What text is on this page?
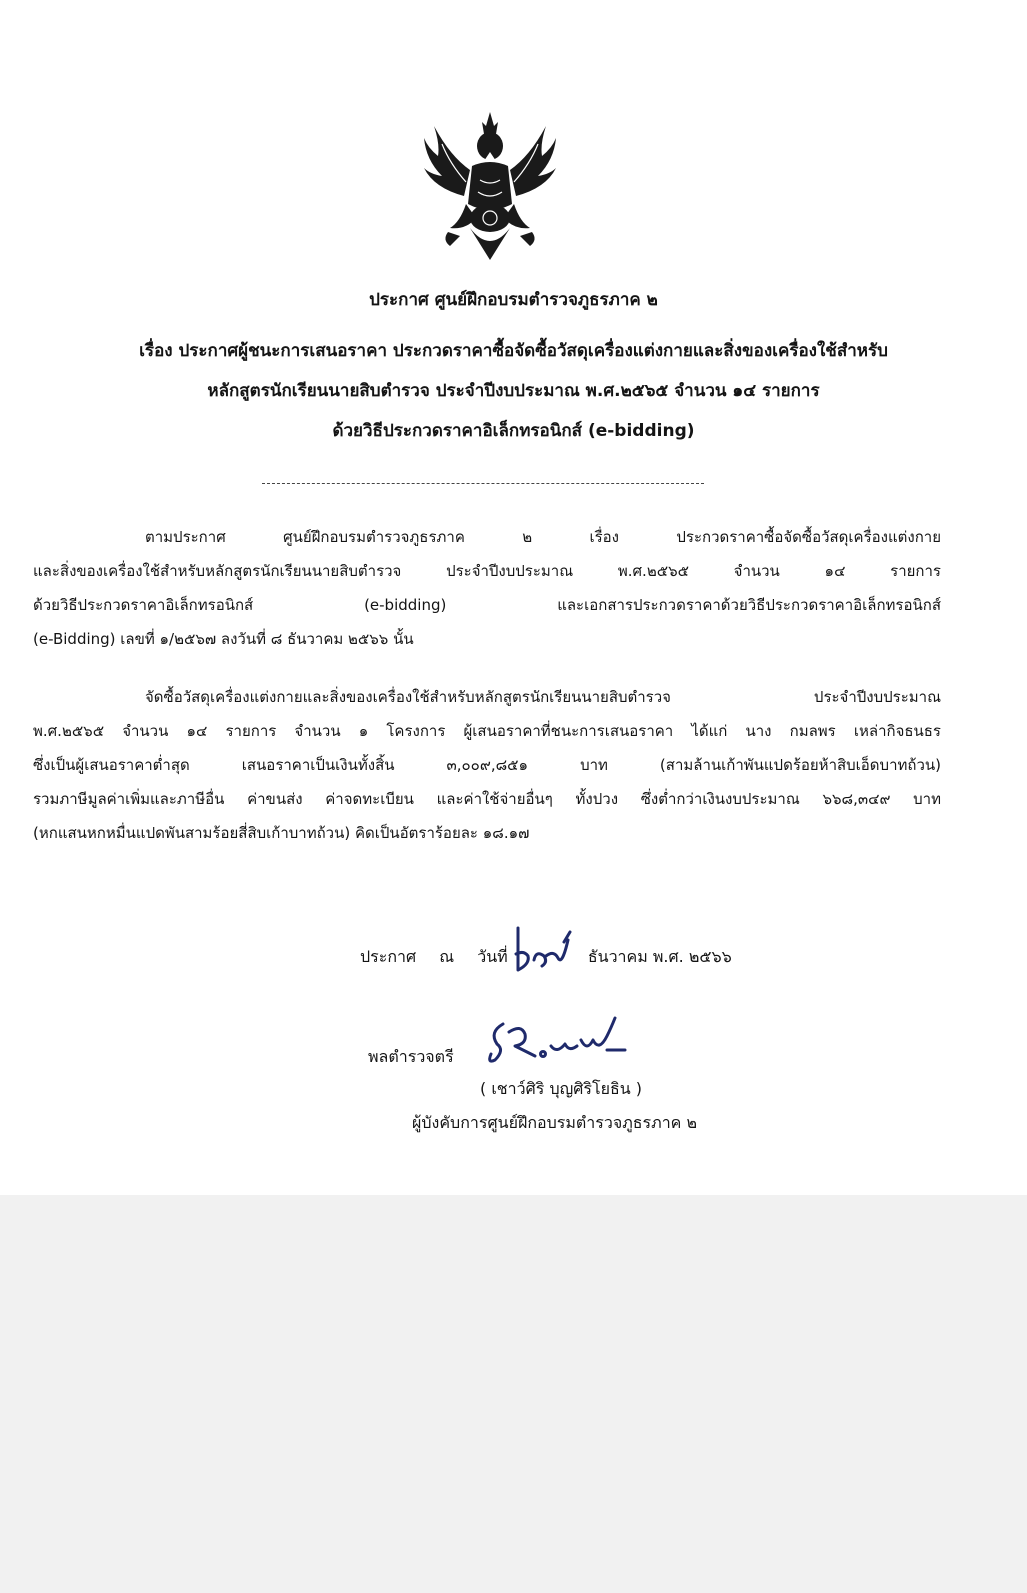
ประกาศ ศูนย์ฝึกอบรมตำรวจภูธรภาค ๒
เรื่อง ประกาศผู้ชนะการเสนอราคา ประกวดราคาซื้อจัดซื้อวัสดุเครื่องแต่งกายและสิ่งของเครื่องใช้สำหรับ
หลักสูตรนักเรียนนายสิบตำรวจ ประจำปีงบประมาณ พ.ศ.๒๕๖๕ จำนวน ๑๔ รายการ
ด้วยวิธีประกวดราคาอิเล็กทรอนิกส์ (e-bidding)
ตามประกาศ ศูนย์ฝึกอบรมตำรวจภูธรภาค ๒ เรื่อง ประกวดราคาซื้อจัดซื้อวัสดุเครื่องแต่งกาย
และสิ่งของเครื่องใช้สำหรับหลักสูตรนักเรียนนายสิบตำรวจ ประจำปีงบประมาณ พ.ศ.๒๕๖๕ จำนวน ๑๔ รายการ
ด้วยวิธีประกวดราคาอิเล็กทรอนิกส์ (e-bidding) และเอกสารประกวดราคาด้วยวิธีประกวดราคาอิเล็กทรอนิกส์
(e-Bidding) เลขที่ ๑/๒๕๖๗ ลงวันที่ ๘ ธันวาคม ๒๕๖๖ นั้น
จัดซื้อวัสดุเครื่องแต่งกายและสิ่งของเครื่องใช้สำหรับหลักสูตรนักเรียนนายสิบตำรวจ ประจำปีงบประมาณ
พ.ศ.๒๕๖๕ จำนวน ๑๔ รายการ จำนวน ๑ โครงการ ผู้เสนอราคาที่ชนะการเสนอราคา ได้แก่ นาง กมลพร เหล่ากิจธนธร
ซึ่งเป็นผู้เสนอราคาต่ำสุด เสนอราคาเป็นเงินทั้งสิ้น ๓,๐๐๙,๘๕๑ บาท (สามล้านเก้าพันแปดร้อยห้าสิบเอ็ดบาทถ้วน)
รวมภาษีมูลค่าเพิ่มและภาษีอื่น ค่าขนส่ง ค่าจดทะเบียน และค่าใช้จ่ายอื่นๆ ทั้งปวง ซึ่งต่ำกว่าเงินงบประมาณ ๖๖๘,๓๔๙ บาท
(หกแสนหกหมื่นแปดพันสามร้อยสี่สิบเก้าบาทถ้วน) คิดเป็นอัตราร้อยละ ๑๘.๑๗
ประกาศ ณ วันที่	ธันวาคม พ.ศ. ๒๕๖๖
พลตำรวจตรี
( เชาว์ศิริ บุญศิริโยธิน )
ผู้บังคับการศูนย์ฝึกอบรมตำรวจภูธรภาค ๒
